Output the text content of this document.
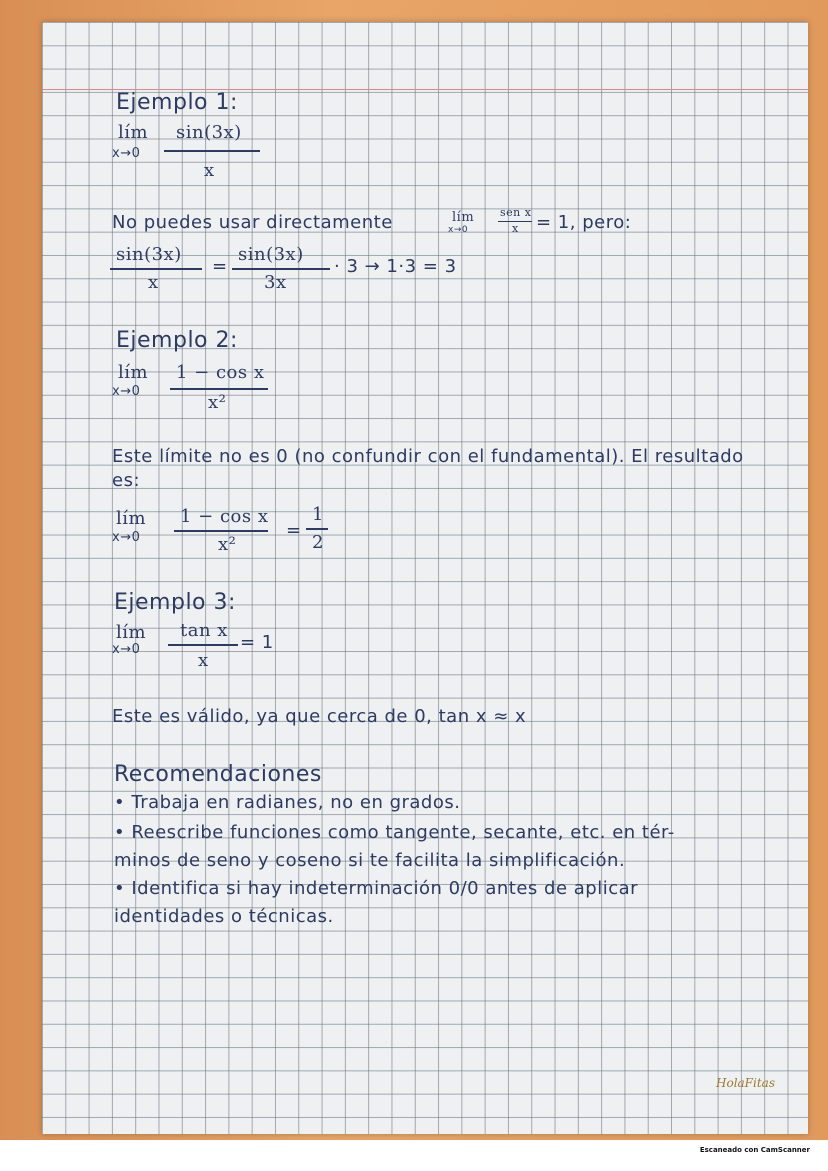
Ejemplo 1:
lím
x→0
sin(3x)
x
No puedes usar directamente	lím
x→0
sen x
x = 1, pero:
sin(3x)
x
=
sin(3x)
3x
· 3 → 1·3 = 3
Ejemplo 2:
lím
x→0
1 − cos x
x²
Este límite no es 0 (no confundir con el fundamental). El resultado
es:
lím
x→0
1 − cos x
x²
=
1
2
Ejemplo 3:
lím
x→0
tan x
x
= 1
Este es válido, ya que cerca de 0, tan x ≈ x
Recomendaciones
• Trabaja en radianes, no en grados.
• Reescribe funciones como tangente, secante, etc. en tér-
minos de seno y coseno si te facilita la simplificación.
• Identifica si hay indeterminación 0/0 antes de aplicar
identidades o técnicas.
HolaFitas
Escaneado con CamScanner
